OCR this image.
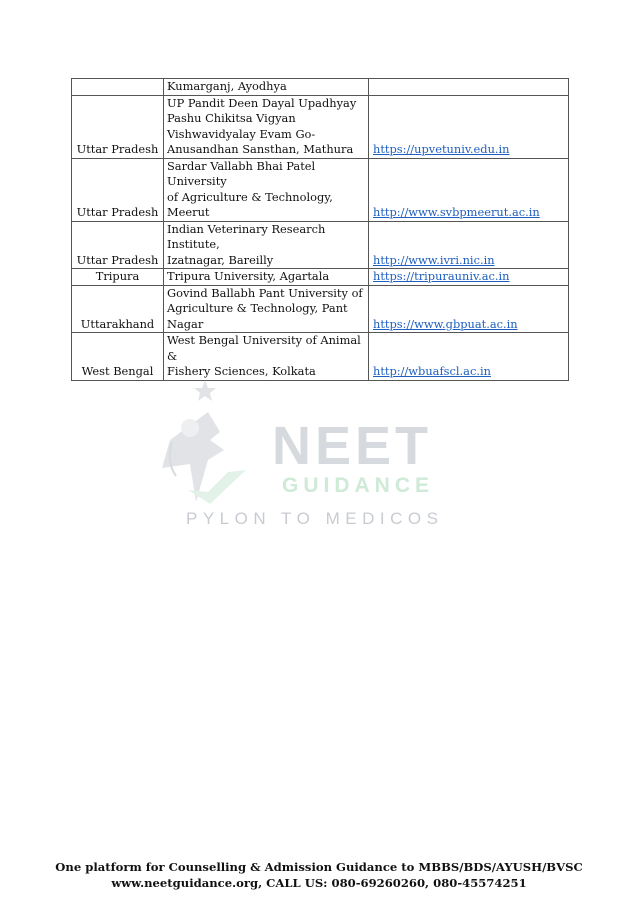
	Kumarganj, Ayodhya	

Uttar Pradesh	UP Pandit Deen Dayal Upadhyay
Pashu Chikitsa Vigyan
Vishwavidyalay Evam Go-
Anusandhan Sansthan, Mathura	https://upvetuniv.edu.in
Uttar Pradesh	Sardar Vallabh Bhai Patel University
of Agriculture & Technology,
Meerut	http://www.svbpmeerut.ac.in
Uttar Pradesh	Indian Veterinary Research Institute,
Izatnagar, Bareilly	http://www.ivri.nic.in
Tripura	Tripura University, Agartala	https://tripurauniv.ac.in
Uttarakhand	Govind Ballabh Pant University of
Agriculture & Technology, Pant
Nagar	https://www.gbpuat.ac.in
West Bengal	West Bengal University of Animal &
Fishery Sciences, Kolkata	http://wbuafscl.ac.in
NEET
GUIDANCE
PYLON TO MEDICOS
One platform for Counselling & Admission Guidance to MBBS/BDS/AYUSH/BVSC
www.neetguidance.org, CALL US: 080-69260260, 080-45574251
